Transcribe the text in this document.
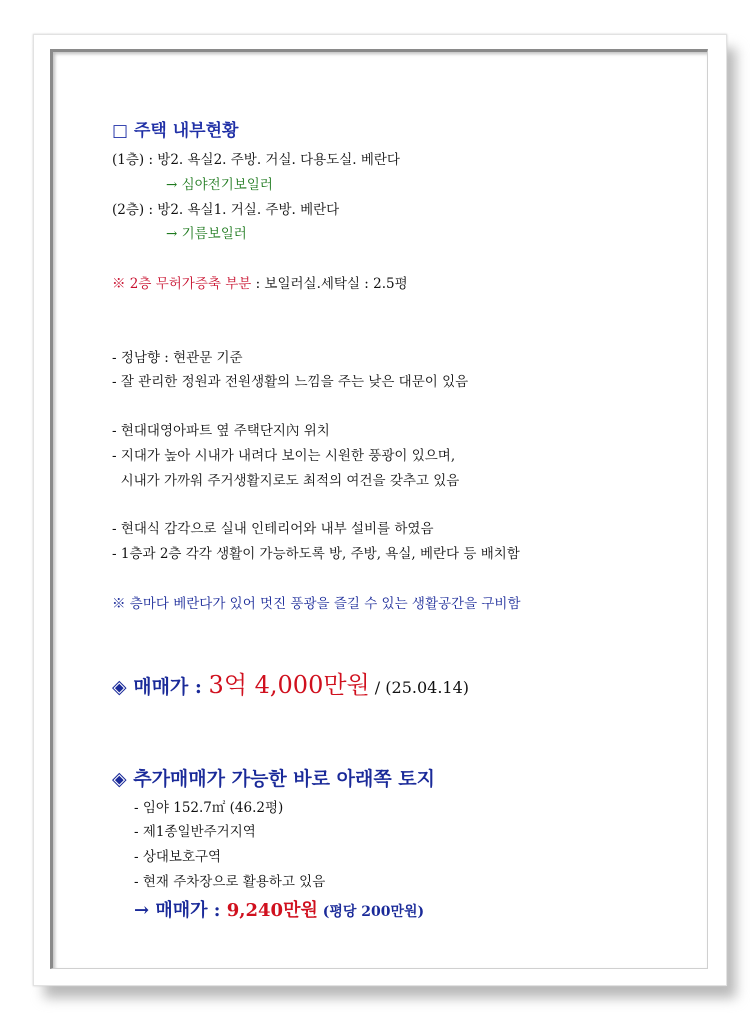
□ 주택 내부현황
(1층) : 방2. 욕실2. 주방. 거실. 다용도실. 베란다
→ 심야전기보일러
(2층) : 방2. 욕실1. 거실. 주방. 베란다
→ 기름보일러
※ 2층 무허가증축 부분 : 보일러실.세탁실 : 2.5평
- 정남향 : 현관문 기준
- 잘 관리한 정원과 전원생활의 느낌을 주는 낮은 대문이 있음
- 현대대영아파트 옆 주택단지內 위치
- 지대가 높아 시내가 내려다 보이는 시원한 풍광이 있으며,
시내가 가까워 주거생활지로도 최적의 여건을 갖추고 있음
- 현대식 감각으로 실내 인테리어와 내부 설비를 하였음
- 1층과 2층 각각 생활이 가능하도록 방, 주방, 욕실, 베란다 등 배치함
※ 층마다 베란다가 있어 멋진 풍광을 즐길 수 있는 생활공간을 구비함
◈ 매매가 : 3억 4,000만원 / (25.04.14)
◈ 추가매매가 가능한 바로 아래쪽 토지
- 임야 152.7㎡ (46.2평)
- 제1종일반주거지역
- 상대보호구역
- 현재 주차장으로 활용하고 있음
→ 매매가 : 9,240만원 (평당 200만원)
